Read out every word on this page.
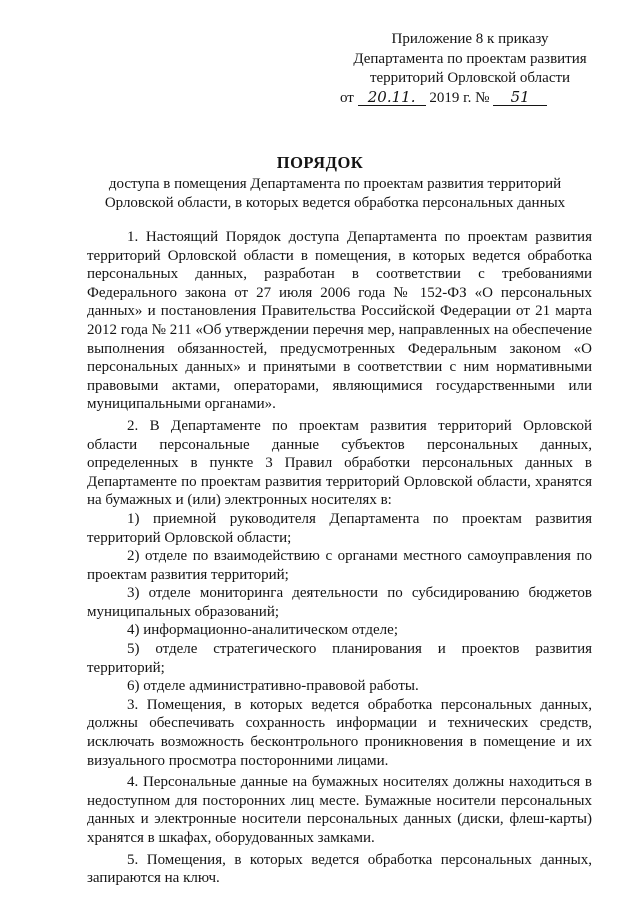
Приложение 8 к приказу
Департамента по проектам развития
территорий Орловской области
от 20.11. 2019 г. № 51
ПОРЯДОК
доступа в помещения Департамента по проектам развития территорий Орловской области, в которых ведется обработка персональных данных

1. Настоящий Порядок доступа Департамента по проектам развития территорий Орловской области в помещения, в которых ведется обработка персональных данных, разработан в соответствии с требованиями Федерального закона от 27 июля 2006 года № 152-ФЗ «О персональных данных» и постановления Правительства Российской Федерации от 21 марта 2012 года № 211 «Об утверждении перечня мер, направленных на обеспечение выполнения обязанностей, предусмотренных Федеральным законом «О персональных данных» и принятыми в соответствии с ним нормативными правовыми актами, операторами, являющимися государственными или муниципальными органами».

2. В Департаменте по проектам развития территорий Орловской области персональные данные субъектов персональных данных, определенных в пункте 3 Правил обработки персональных данных в Департаменте по проектам развития территорий Орловской области, хранятся на бумажных и (или) электронных носителях в:

1) приемной руководителя Департамента по проектам развития территорий Орловской области;

2) отделе по взаимодействию с органами местного самоуправления по проектам развития территорий;

3) отделе мониторинга деятельности по субсидированию бюджетов муниципальных образований;

4) информационно-аналитическом отделе;

5) отделе стратегического планирования и проектов развития территорий;

6) отделе административно-правовой работы.

3. Помещения, в которых ведется обработка персональных данных, должны обеспечивать сохранность информации и технических средств, исключать возможность бесконтрольного проникновения в помещение и их визуального просмотра посторонними лицами.

4. Персональные данные на бумажных носителях должны находиться в недоступном для посторонних лиц месте. Бумажные носители персональных данных и электронные носители персональных данных (диски, флеш-карты) хранятся в шкафах, оборудованных замками.

5. Помещения, в которых ведется обработка персональных данных, запираются на ключ.
